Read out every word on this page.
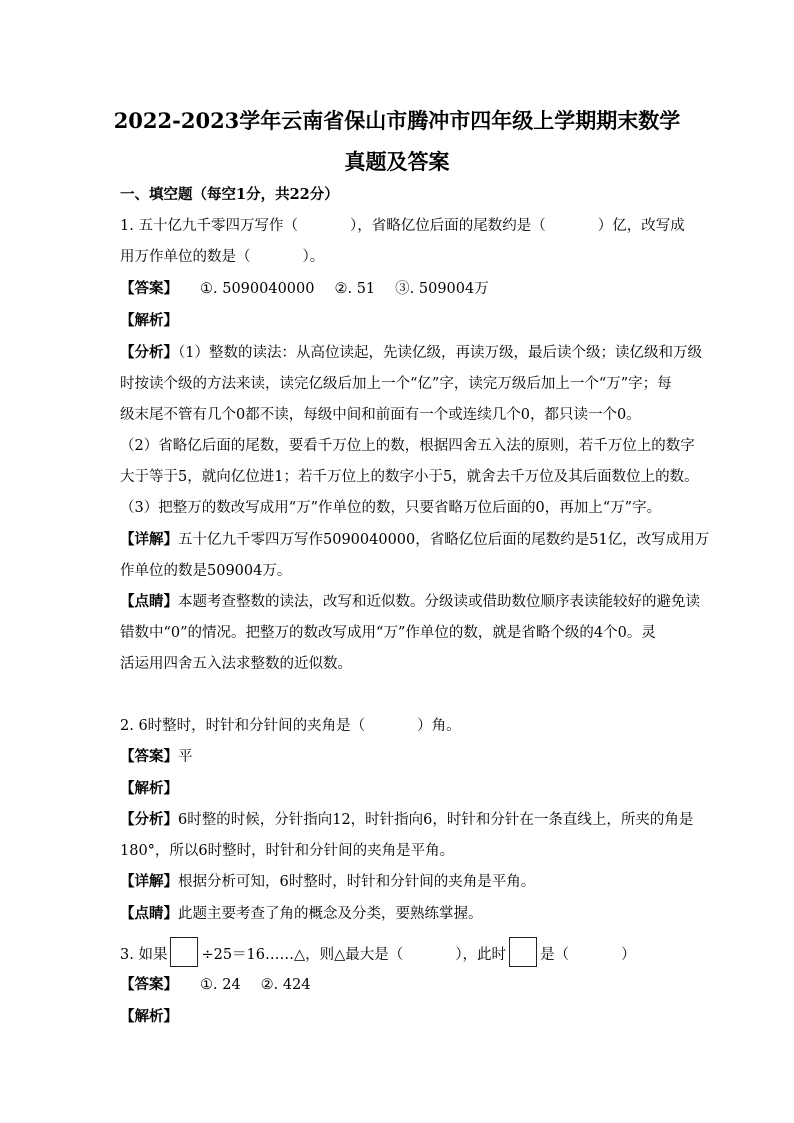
2022-2023学年云南省保山市腾冲市四年级上学期期末数学
真题及答案
一、填空题（每空1分，共22分）
1. 五十亿九千零四万写作（	），省略亿位后面的尾数约是（	）亿，改写成
用万作单位的数是（	）。
【答案】 ①. 5090040000 ②. 51 ③. 509004万
【解析】
【分析】（1）整数的读法：从高位读起，先读亿级，再读万级，最后读个级；读亿级和万级
时按读个级的方法来读，读完亿级后加上一个“亿”字，读完万级后加上一个“万”字；每
级末尾不管有几个0都不读，每级中间和前面有一个或连续几个0，都只读一个0。
（2）省略亿后面的尾数，要看千万位上的数，根据四舍五入法的原则，若千万位上的数字
大于等于5，就向亿位进1；若千万位上的数字小于5，就舍去千万位及其后面数位上的数。
（3）把整万的数改写成用“万”作单位的数，只要省略万位后面的0，再加上“万”字。
【详解】五十亿九千零四万写作5090040000，省略亿位后面的尾数约是51亿，改写成用万
作单位的数是509004万。
【点睛】本题考查整数的读法，改写和近似数。分级读或借助数位顺序表读能较好的避免读
错数中“0”的情况。把整万的数改写成用“万”作单位的数，就是省略个级的4个0。灵
活运用四舍五入法求整数的近似数。
2. 6时整时，时针和分针间的夹角是（	）角。
【答案】平
【解析】
【分析】6时整的时候，分针指向12，时针指向6，时针和分针在一条直线上，所夹的角是
180°，所以6时整时，时针和分针间的夹角是平角。
【详解】根据分析可知，6时整时，时针和分针间的夹角是平角。
【点睛】此题主要考查了角的概念及分类，要熟练掌握。
3. 如果 ÷25＝16……△，则△最大是（	），此时 是（	）
【答案】 ①. 24 ②. 424
【解析】
